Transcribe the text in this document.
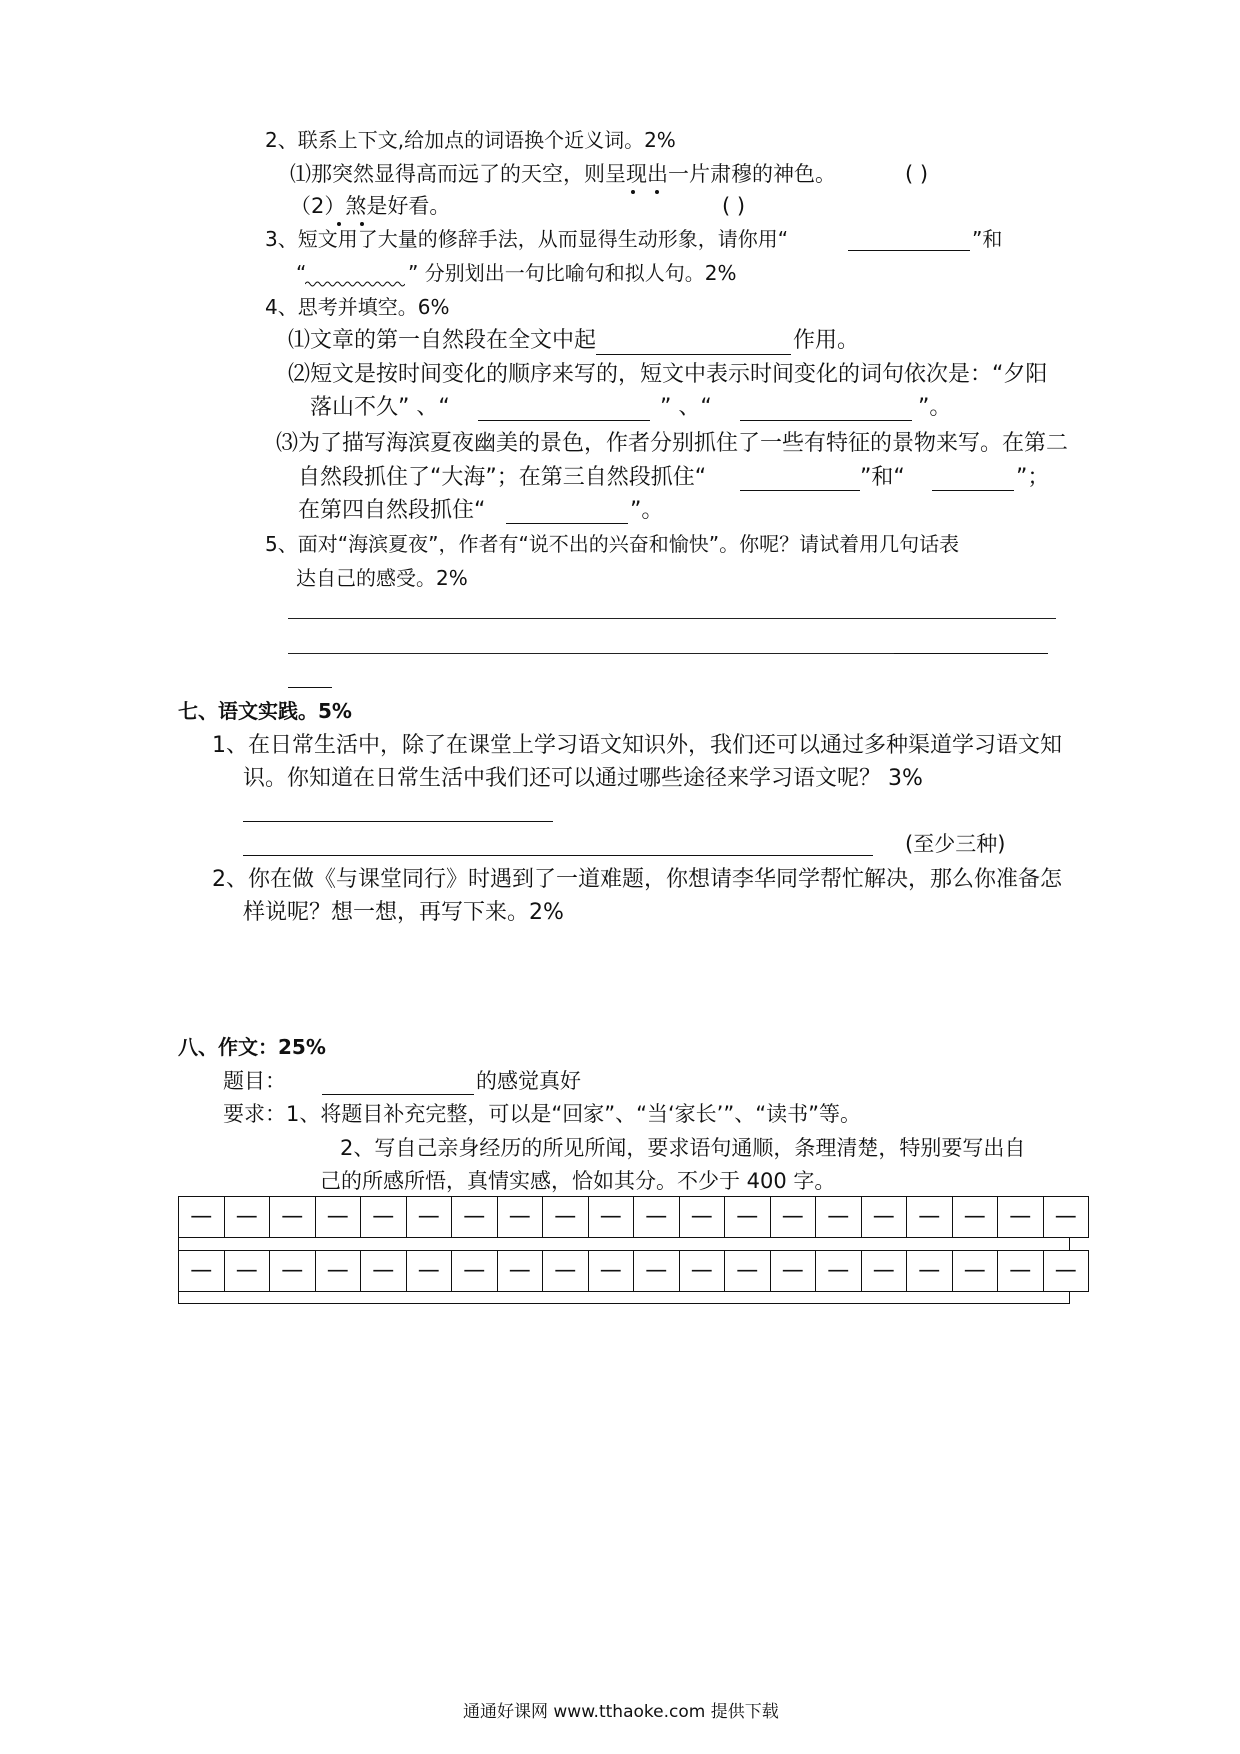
2、联系上下文,给加点的词语换个近义词。2%
⑴那突然显得高而远了的天空，则呈现出一片肃穆的神色。	( )
（2）煞是好看。	( )
3、短文用了大量的修辞手法，从而显得生动形象，请你用“	”和
“	” 分别划出一句比喻句和拟人句。2%
4、思考并填空。6%
⑴文章的第一自然段在全文中起	作用。
⑵短文是按时间变化的顺序来写的，短文中表示时间变化的词句依次是：“夕阳
落山不久” 、“	” 、“	”。
⑶为了描写海滨夏夜幽美的景色，作者分别抓住了一些有特征的景物来写。在第二
自然段抓住了“大海”；在第三自然段抓住“	”和“	”；
在第四自然段抓住“	”。
5、面对“海滨夏夜”，作者有“说不出的兴奋和愉快”。你呢？请试着用几句话表
达自己的感受。2%
七、语文实践。5%
1、在日常生活中，除了在课堂上学习语文知识外，我们还可以通过多种渠道学习语文知
识。你知道在日常生活中我们还可以通过哪些途径来学习语文呢？ 3%
(至少三种)
2、你在做《与课堂同行》时遇到了一道难题，你想请李华同学帮忙解决，那么你准备怎
样说呢？想一想，再写下来。2%
八、作文：25%
题目：	的感觉真好
要求：1、将题目补充完整，可以是“回家”、“当‘家长’”、“读书”等。
2、写自己亲身经历的所见所闻，要求语句通顺，条理清楚，特别要写出自
己的所感所悟，真情实感，恰如其分。不少于 400 字。
—	—	—	—	—	—	—	—	—	—	—	—	—	—	—	—	—	—	—	—
—	—	—	—	—	—	—	—	—	—	—	—	—	—	—	—	—	—	—	—
通通好课网 www.tthaoke.com 提供下载
